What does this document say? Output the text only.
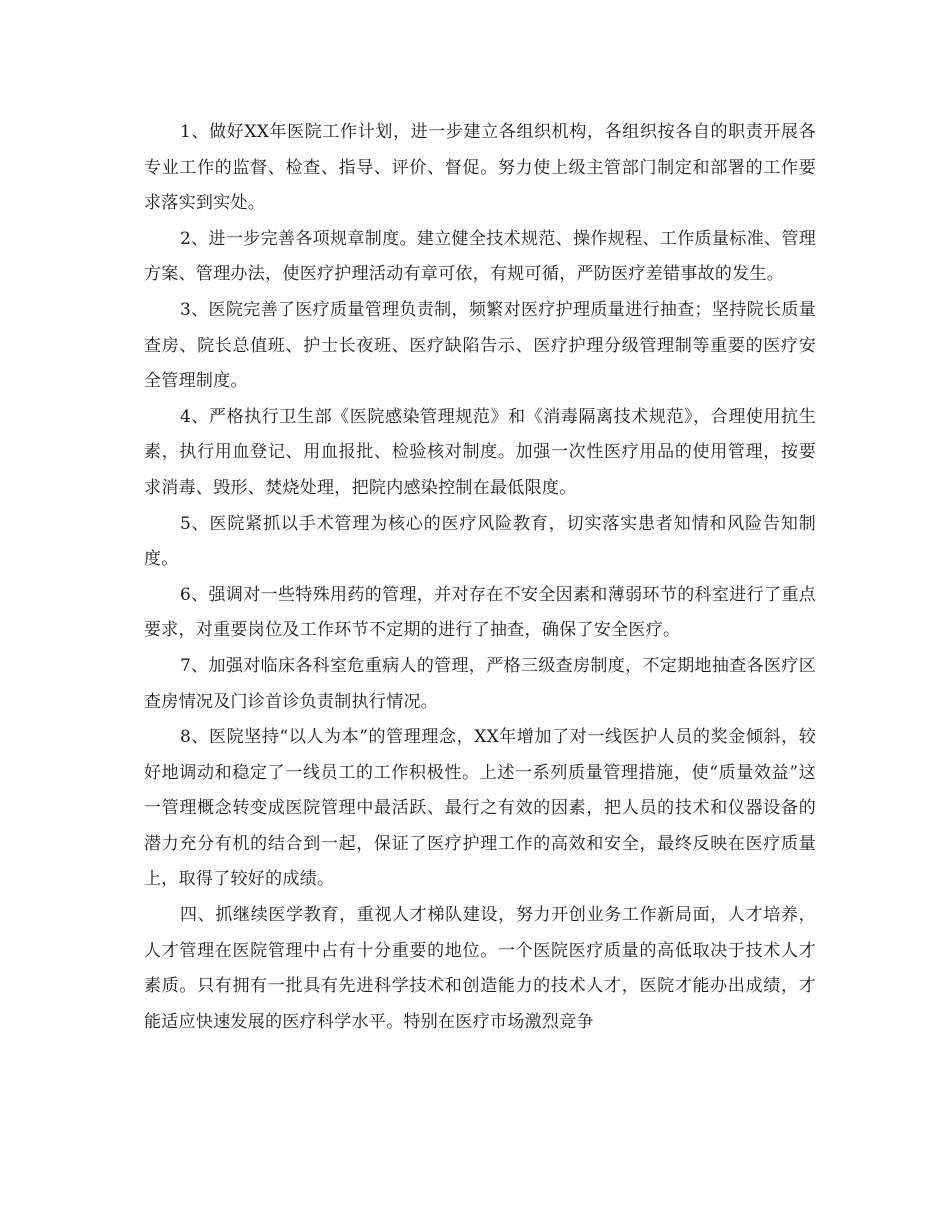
1、做好XX年医院工作计划，进一步建立各组织机构，各组织按各自的职责开展各专业工作的监督、检查、指导、评价、督促。努力使上级主管部门制定和部署的工作要求落实到实处。

2、进一步完善各项规章制度。建立健全技术规范、操作规程、工作质量标准、管理方案、管理办法，使医疗护理活动有章可依，有规可循，严防医疗差错事故的发生。

3、医院完善了医疗质量管理负责制，频繁对医疗护理质量进行抽查；坚持院长质量查房、院长总值班、护士长夜班、医疗缺陷告示、医疗护理分级管理制等重要的医疗安全管理制度。

4、严格执行卫生部《医院感染管理规范》和《消毒隔离技术规范》，合理使用抗生素，执行用血登记、用血报批、检验核对制度。加强一次性医疗用品的使用管理，按要求消毒、毁形、焚烧处理，把院内感染控制在最低限度。

5、医院紧抓以手术管理为核心的医疗风险教育，切实落实患者知情和风险告知制度。

6、强调对一些特殊用药的管理，并对存在不安全因素和薄弱环节的科室进行了重点要求，对重要岗位及工作环节不定期的进行了抽查，确保了安全医疗。

7、加强对临床各科室危重病人的管理，严格三级查房制度，不定期地抽查各医疗区查房情况及门诊首诊负责制执行情况。

8、医院坚持“以人为本”的管理理念，XX年增加了对一线医护人员的奖金倾斜，较好地调动和稳定了一线员工的工作积极性。上述一系列质量管理措施，使“质量效益”这一管理概念转变成医院管理中最活跃、最行之有效的因素，把人员的技术和仪器设备的潜力充分有机的结合到一起，保证了医疗护理工作的高效和安全，最终反映在医疗质量上，取得了较好的成绩。

四、抓继续医学教育，重视人才梯队建设，努力开创业务工作新局面，人才培养，人才管理在医院管理中占有十分重要的地位。一个医院医疗质量的高低取决于技术人才素质。只有拥有一批具有先进科学技术和创造能力的技术人才，医院才能办出成绩，才能适应快速发展的医疗科学水平。特别在医疗市场激烈竞争
